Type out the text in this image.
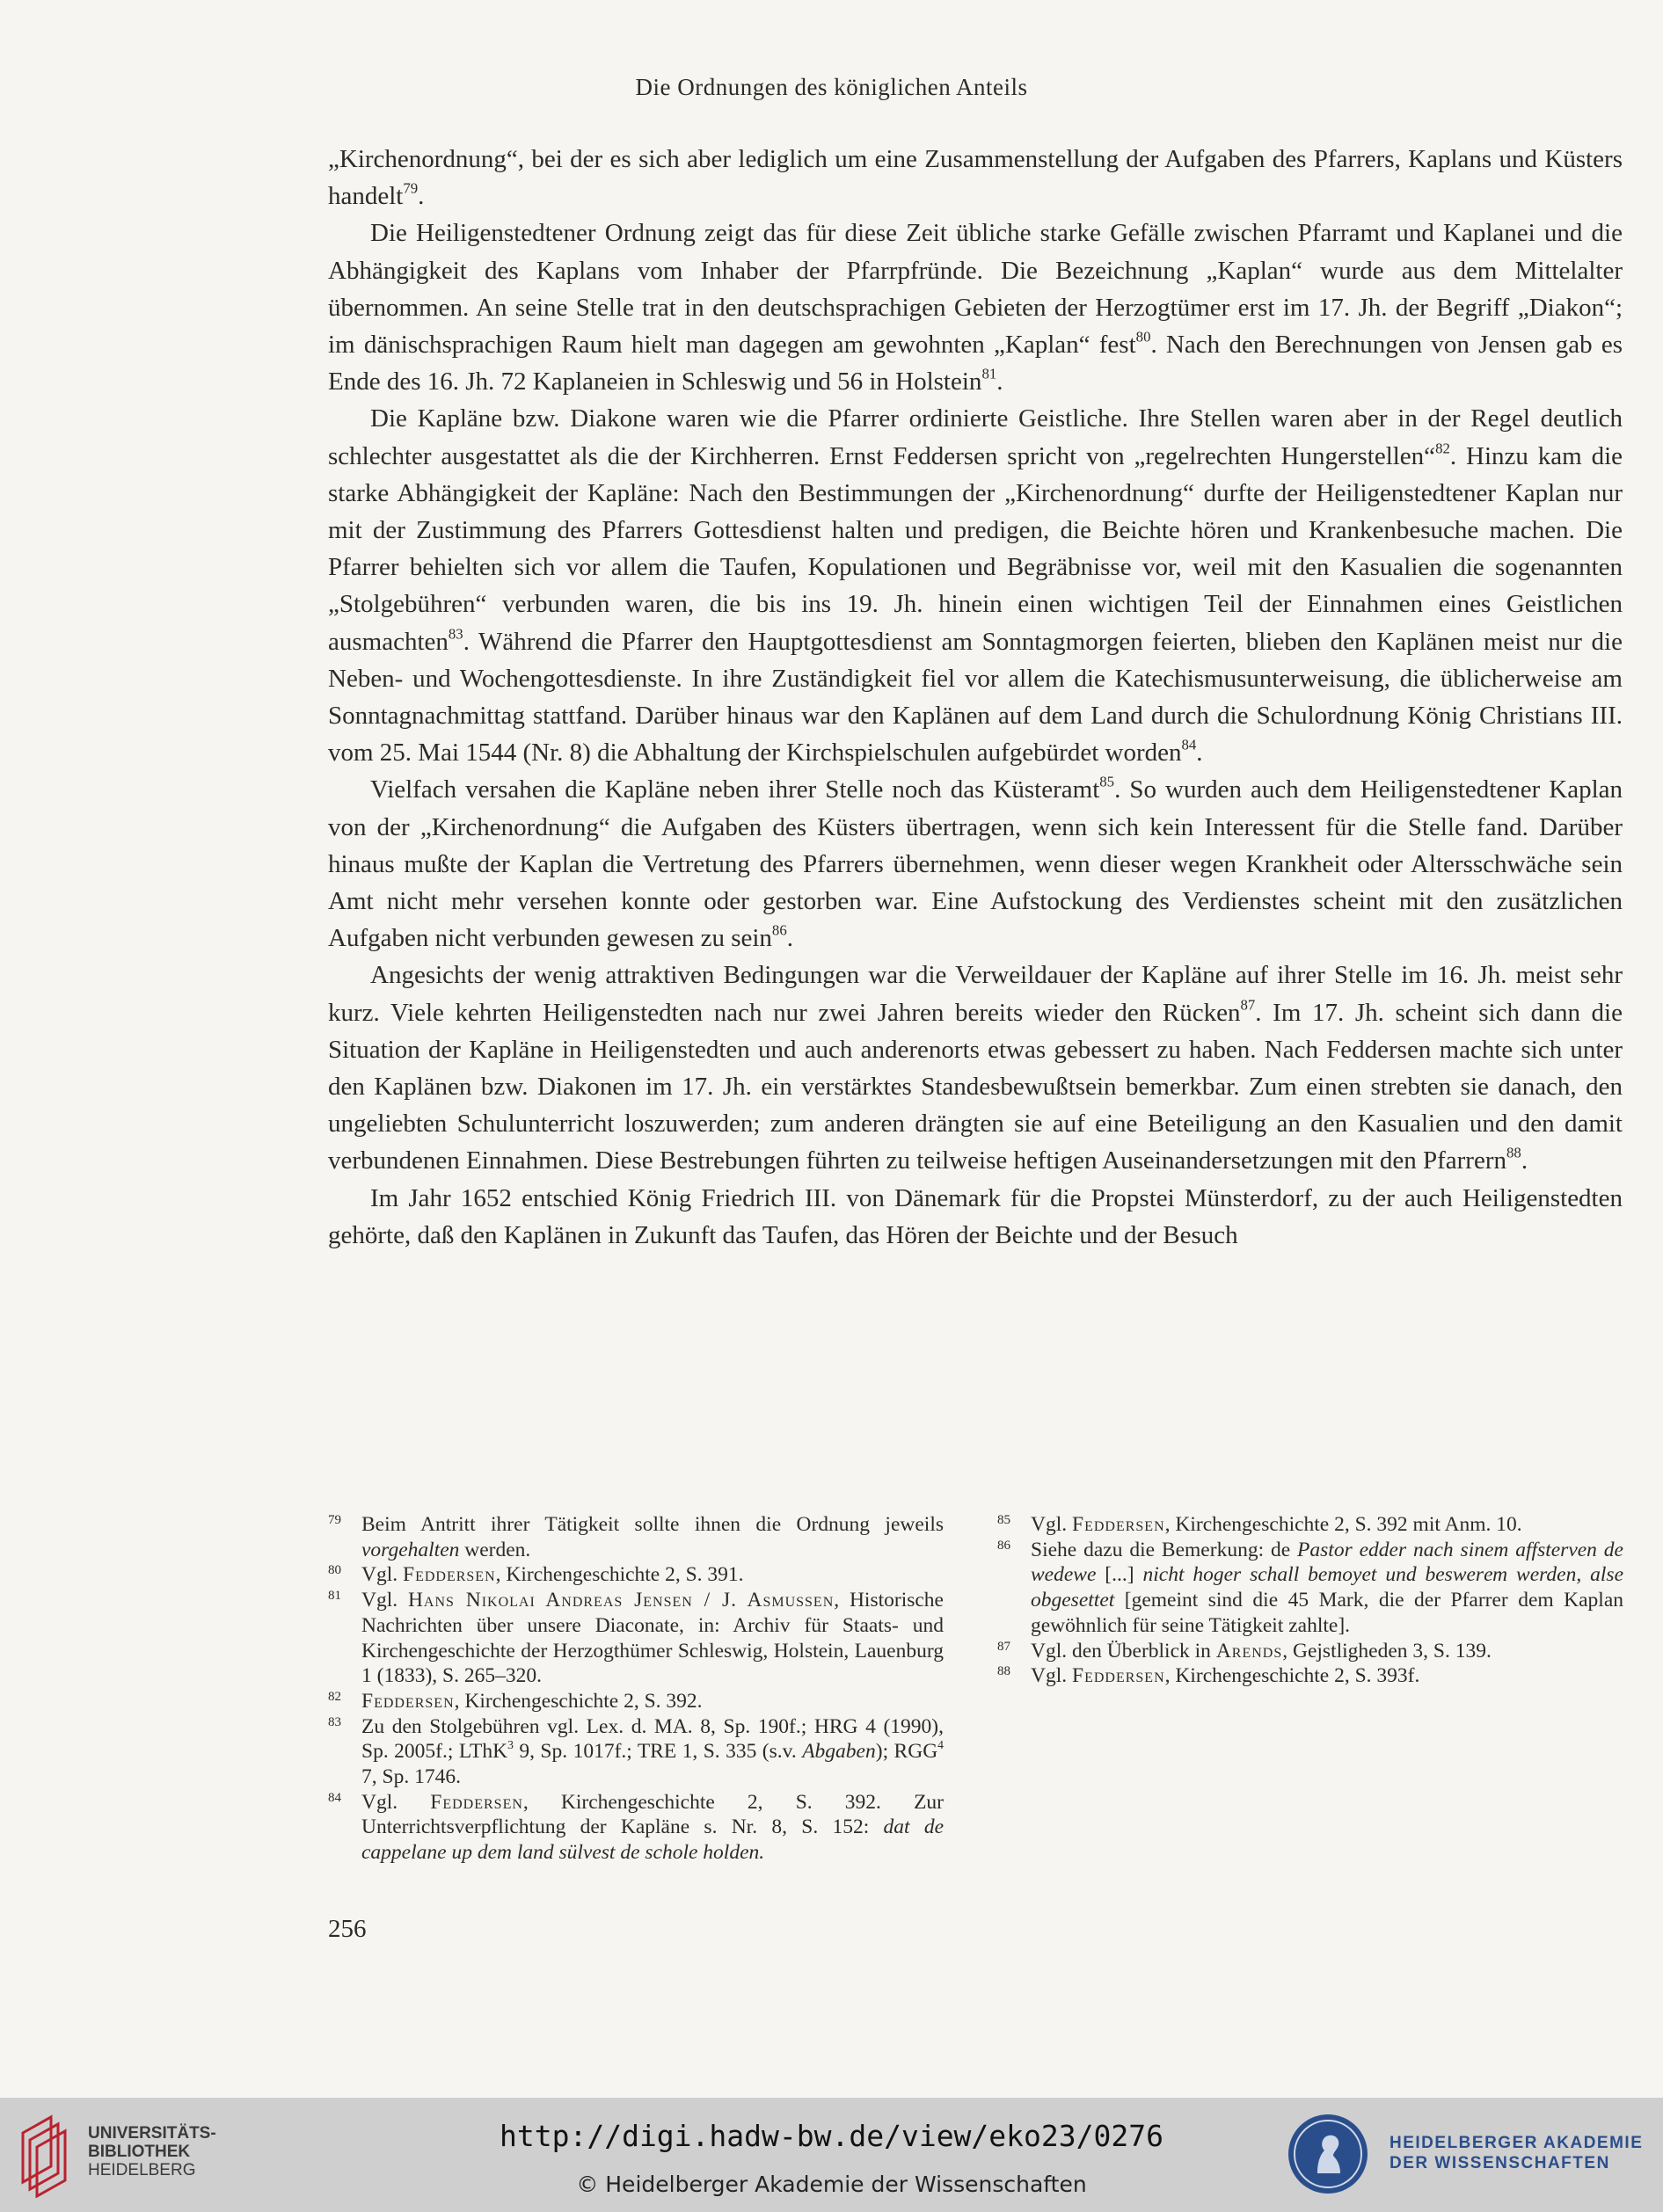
Die Ordnungen des königlichen Anteils

„Kirchenordnung“, bei der es sich aber lediglich um eine Zusammenstellung der Aufgaben des Pfarrers, Kaplans und Küsters handelt$^{79}$.

Die Heiligenstedtener Ordnung zeigt das für diese Zeit übliche starke Gefälle zwischen Pfarramt und Kaplanei und die Abhängigkeit des Kaplans vom Inhaber der Pfarrpfründe. Die Bezeichnung „Kaplan“ wurde aus dem Mittelalter übernommen. An seine Stelle trat in den deutschsprachigen Gebieten der Herzogtümer erst im 17. Jh. der Begriff „Diakon“; im dänischsprachigen Raum hielt man dagegen am gewohnten „Kaplan“ fest$^{80}$. Nach den Berechnungen von Jensen gab es Ende des 16. Jh. 72 Kaplaneien in Schleswig und 56 in Holstein$^{81}$.

Die Kapläne bzw. Diakone waren wie die Pfarrer ordinierte Geistliche. Ihre Stellen waren aber in der Regel deutlich schlechter ausgestattet als die der Kirchherren. Ernst Feddersen spricht von „regelrechten Hungerstellen“$^{82}$. Hinzu kam die starke Abhängigkeit der Kapläne: Nach den Bestimmungen der „Kirchenordnung“ durfte der Heiligenstedtener Kaplan nur mit der Zustimmung des Pfarrers Gottesdienst halten und predigen, die Beichte hören und Krankenbesuche machen. Die Pfarrer behielten sich vor allem die Taufen, Kopulationen und Begräbnisse vor, weil mit den Kasualien die sogenannten „Stolgebühren“ verbunden waren, die bis ins 19. Jh. hinein einen wichtigen Teil der Einnahmen eines Geistlichen ausmachten$^{83}$. Während die Pfarrer den Hauptgottesdienst am Sonntagmorgen feierten, blieben den Kaplänen meist nur die Neben- und Wochengottesdienste. In ihre Zuständigkeit fiel vor allem die Katechismusunterweisung, die üblicherweise am Sonntagnachmittag stattfand. Darüber hinaus war den Kaplänen auf dem Land durch die Schulordnung König Christians III. vom 25. Mai 1544 (Nr. 8) die Abhaltung der Kirchspielschulen aufgebürdet worden$^{84}$.

Vielfach versahen die Kapläne neben ihrer Stelle noch das Küsteramt$^{85}$. So wurden auch dem Heiligenstedtener Kaplan von der „Kirchenordnung“ die Aufgaben des Küsters übertragen, wenn sich kein Interessent für die Stelle fand. Darüber hinaus mußte der Kaplan die Vertretung des Pfarrers übernehmen, wenn dieser wegen Krankheit oder Altersschwäche sein Amt nicht mehr versehen konnte oder gestorben war. Eine Aufstockung des Verdienstes scheint mit den zusätzlichen Aufgaben nicht verbunden gewesen zu sein$^{86}$.

Angesichts der wenig attraktiven Bedingungen war die Verweildauer der Kapläne auf ihrer Stelle im 16. Jh. meist sehr kurz. Viele kehrten Heiligenstedten nach nur zwei Jahren bereits wieder den Rücken$^{87}$. Im 17. Jh. scheint sich dann die Situation der Kapläne in Heiligenstedten und auch anderenorts etwas gebessert zu haben. Nach Feddersen machte sich unter den Kaplänen bzw. Diakonen im 17. Jh. ein verstärktes Standesbewußtsein bemerkbar. Zum einen strebten sie danach, den ungeliebten Schulunterricht loszuwerden; zum anderen drängten sie auf eine Beteiligung an den Kasualien und den damit verbundenen Einnahmen. Diese Bestrebungen führten zu teilweise heftigen Auseinandersetzungen mit den Pfarrern$^{88}$.

Im Jahr 1652 entschied König Friedrich III. von Dänemark für die Propstei Münsterdorf, zu der auch Heiligenstedten gehörte, daß den Kaplänen in Zukunft das Taufen, das Hören der Beichte und der Besuch

79 Beim Antritt ihrer Tätigkeit sollte ihnen die Ordnung jeweils vorgehalten werden.

80 Vgl. Feddersen, Kirchengeschichte 2, S. 391.

81 Vgl. Hans Nikolai Andreas Jensen / J. Asmussen, Historische Nachrichten über unsere Diaconate, in: Archiv für Staats- und Kirchengeschichte der Herzogthümer Schleswig, Holstein, Lauenburg 1 (1833), S. 265–320.

82 Feddersen, Kirchengeschichte 2, S. 392.

83 Zu den Stolgebühren vgl. Lex. d. MA. 8, Sp. 190f.; HRG 4 (1990), Sp. 2005f.; LThK$^3$ 9, Sp. 1017f.; TRE 1, S. 335 (s.v. Abgaben); RGG$^4$ 7, Sp. 1746.

84 Vgl. Feddersen, Kirchengeschichte 2, S. 392. Zur Unterrichtsverpflichtung der Kapläne s. Nr. 8, S. 152: dat de cappelane up dem land sülvest de schole holden.

85 Vgl. Feddersen, Kirchengeschichte 2, S. 392 mit Anm. 10.

86 Siehe dazu die Bemerkung: de Pastor edder nach sinem affsterven de wedewe [...] nicht hoger schall bemoyet und beswerет werden, alse obgesettet [gemeint sind die 45 Mark, die der Pfarrer dem Kaplan gewöhnlich für seine Tätigkeit zahlte].

87 Vgl. den Überblick in Arends, Gejstligheden 3, S. 139.

88 Vgl. Feddersen, Kirchengeschichte 2, S. 393f.

256
UNIVERSITÄTS-
BIBLIOTHEK
HEIDELBERG
http://digi.hadw-bw.de/view/eko23/0276
© Heidelberger Akademie der Wissenschaften
HEIDELBERGER AKADEMIE
DER WISSENSCHAFTEN
